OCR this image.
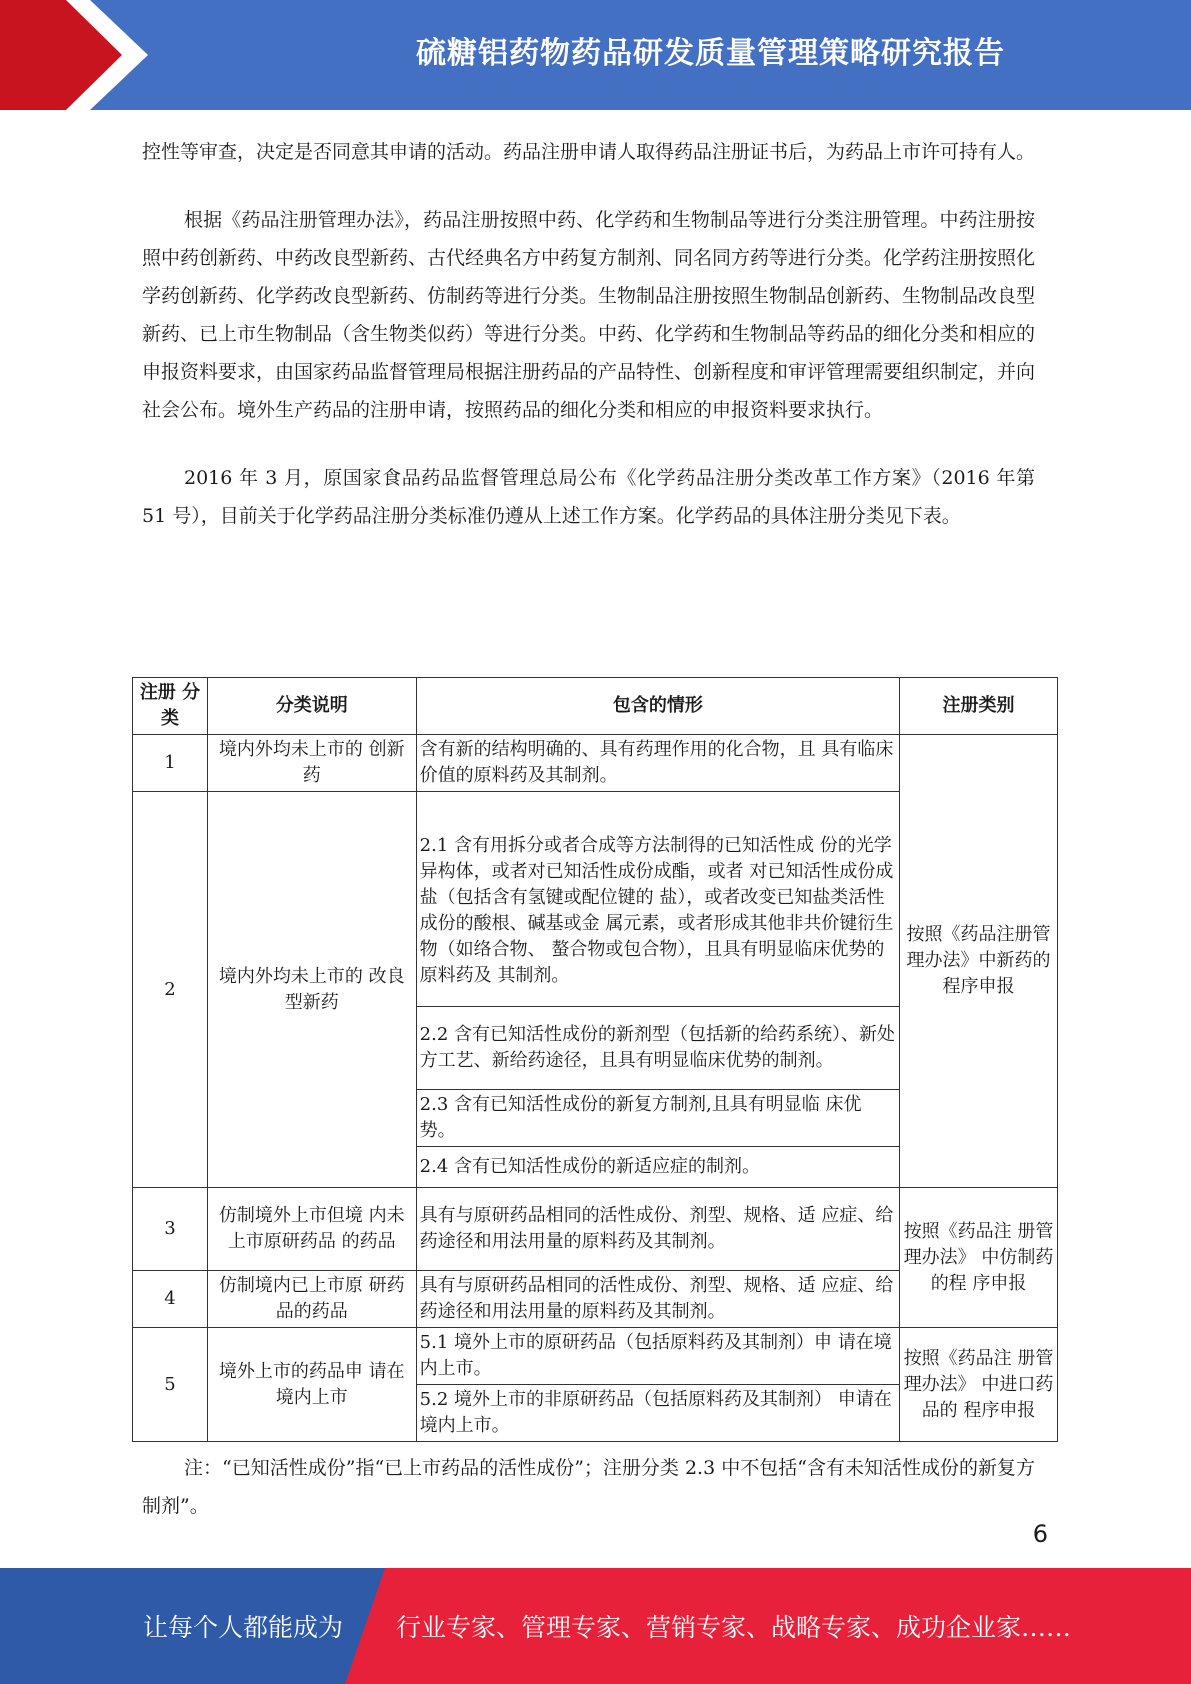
硫糖铝药物药品研发质量管理策略研究报告

控性等审查，决定是否同意其申请的活动。药品注册申请人取得药品注册证书后，为药品上市许可持有人。

根据《药品注册管理办法》，药品注册按照中药、化学药和生物制品等进行分类注册管理。中药注册按照中药创新药、中药改良型新药、古代经典名方中药复方制剂、同名同方药等进行分类。化学药注册按照化学药创新药、化学药改良型新药、仿制药等进行分类。生物制品注册按照生物制品创新药、生物制品改良型新药、已上市生物制品（含生物类似药）等进行分类。中药、化学药和生物制品等药品的细化分类和相应的申报资料要求，由国家药品监督管理局根据注册药品的产品特性、创新程度和审评管理需要组织制定，并向社会公布。境外生产药品的注册申请，按照药品的细化分类和相应的申报资料要求执行。

2016 年 3 月，原国家食品药品监督管理总局公布《化学药品注册分类改革工作方案》（2016 年第 51 号），目前关于化学药品注册分类标准仍遵从上述工作方案。化学药品的具体注册分类见下表。

注册 分类	分类说明	包含的情形	注册类别
1	境内外均未上市的 创新药	含有新的结构明确的、具有药理作用的化合物，且 具有临床价值的原料药及其制剂。	按照《药品注册管理办法》中新药的程序申报
2	境内外均未上市的 改良型新药	2.1 含有用拆分或者合成等方法制得的已知活性成 份的光学异构体，或者对已知活性成份成酯，或者 对已知活性成份成盐（包括含有氢键或配位键的 盐），或者改变已知盐类活性成份的酸根、碱基或金 属元素，或者形成其他非共价键衍生物（如络合物、 螯合物或包合物），且具有明显临床优势的原料药及 其制剂。	
		2.2 含有已知活性成份的新剂型（包括新的给药系统）、新处方工艺、新给药途径，且具有明显临床优势的制剂。	
		2.3 含有已知活性成份的新复方制剂,且具有明显临 床优势。	
		2.4 含有已知活性成份的新适应症的制剂。	
3	仿制境外上市但境 内未上市原研药品 的药品	具有与原研药品相同的活性成份、剂型、规格、适 应症、给药途径和用法用量的原料药及其制剂。	按照《药品注 册管理办法》 中仿制药的程 序申报
4	仿制境内已上市原 研药品的药品	具有与原研药品相同的活性成份、剂型、规格、适 应症、给药途径和用法用量的原料药及其制剂。	
5	境外上市的药品申 请在境内上市	5.1 境外上市的原研药品（包括原料药及其制剂）申 请在境内上市。	按照《药品注 册管理办法》 中进口药品的 程序申报
		5.2 境外上市的非原研药品（包括原料药及其制剂） 申请在境内上市。	

注：“已知活性成份”指“已上市药品的活性成份”；注册分类 2.3 中不包括“含有未知活性成份的新复方制剂”。

6
让每个人都能成为 行业专家、管理专家、营销专家、战略专家、成功企业家……
